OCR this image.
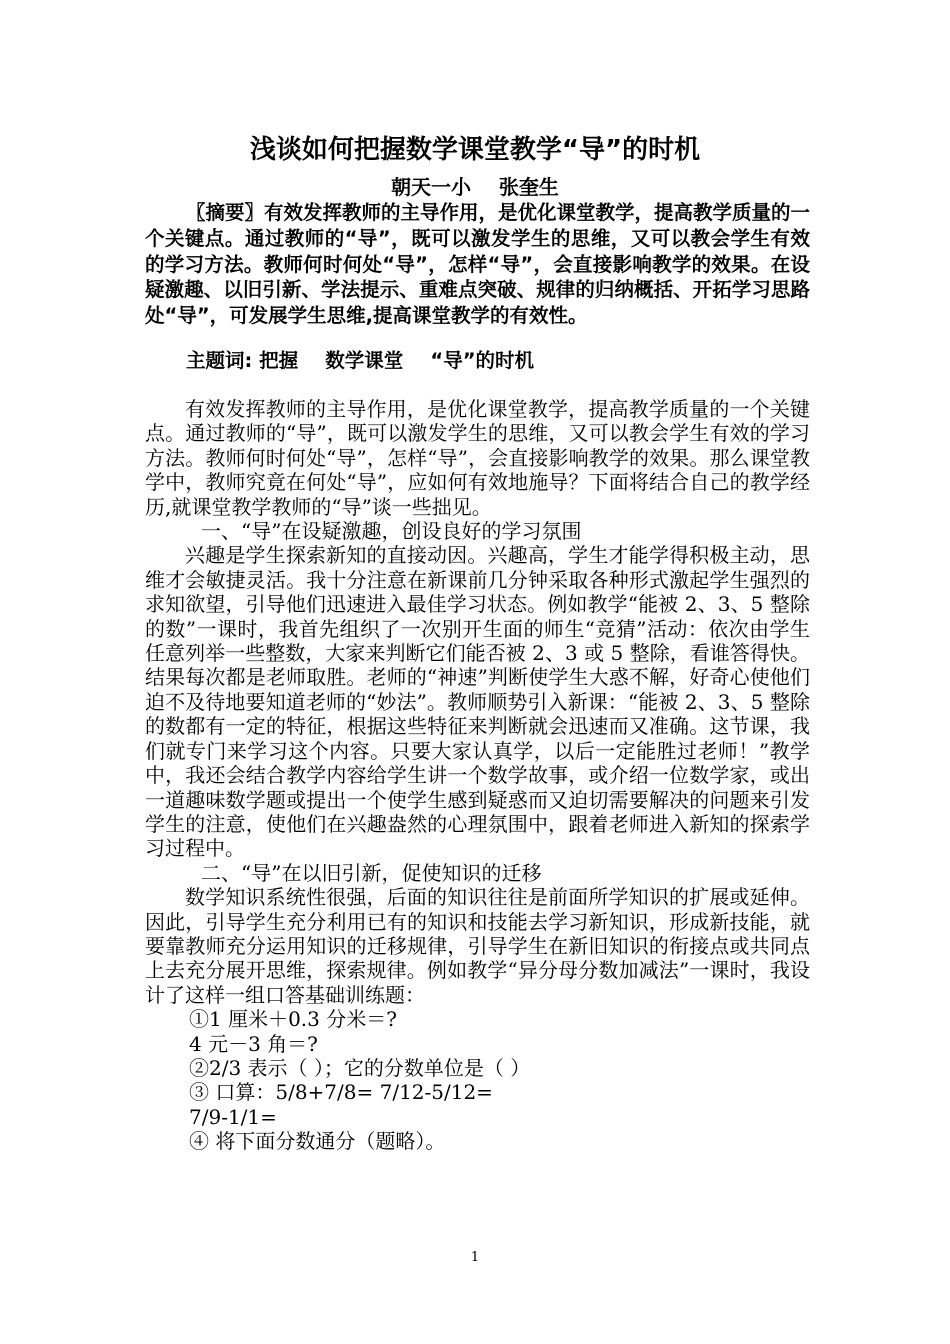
浅谈如何把握数学课堂教学“导”的时机
朝天一小    张奎生
〖摘要〗有效发挥教师的主导作用，是优化课堂教学，提高教学质量的一个关键点。通过教师的“导”，既可以激发学生的思维，又可以教会学生有效的学习方法。教师何时何处“导”，怎样“导”，会直接影响教学的效果。在设疑激趣、以旧引新、学法提示、重难点突破、规律的归纳概括、开拓学习思路处“导”，可发展学生思维,提高课堂教学的有效性。
主题词: 把握    数学课堂    “导”的时机

有效发挥教师的主导作用，是优化课堂教学，提高教学质量的一个关键点。通过教师的“导”，既可以激发学生的思维，又可以教会学生有效的学习方法。教师何时何处“导”，怎样“导”，会直接影响教学的效果。那么课堂教学中，教师究竟在何处“导”，应如何有效地施导？下面将结合自己的教学经历,就课堂教学教师的“导”谈一些拙见。

一、“导”在设疑激趣，创设良好的学习氛围

兴趣是学生探索新知的直接动因。兴趣高，学生才能学得积极主动，思维才会敏捷灵活。我十分注意在新课前几分钟采取各种形式激起学生强烈的求知欲望，引导他们迅速进入最佳学习状态。例如教学“能被 2、3、5 整除的数”一课时，我首先组织了一次别开生面的师生“竞猜”活动：依次由学生任意列举一些整数，大家来判断它们能否被 2、3 或 5 整除，看谁答得快。结果每次都是老师取胜。老师的“神速”判断使学生大惑不解，好奇心使他们迫不及待地要知道老师的“妙法”。教师顺势引入新课：“能被 2、3、5 整除的数都有一定的特征，根据这些特征来判断就会迅速而又准确。这节课，我们就专门来学习这个内容。只要大家认真学，以后一定能胜过老师！”教学中，我还会结合教学内容给学生讲一个数学故事，或介绍一位数学家，或出一道趣味数学题或提出一个使学生感到疑惑而又迫切需要解决的问题来引发学生的注意，使他们在兴趣盎然的心理氛围中，跟着老师进入新知的探索学习过程中。

二、“导”在以旧引新，促使知识的迁移

数学知识系统性很强，后面的知识往往是前面所学知识的扩展或延伸。因此，引导学生充分利用已有的知识和技能去学习新知识，形成新技能，就要靠教师充分运用知识的迁移规律，引导学生在新旧知识的衔接点或共同点上去充分展开思维，探索规律。例如教学“异分母分数加减法”一课时，我设计了这样一组口答基础训练题：

①1 厘米＋0.3 分米＝?

4 元－3 角＝?

②2/3 表示（ ）；它的分数单位是（ ）

③ 口算：5/8+7/8= 7/12-5/12=

7/9-1/1=

④ 将下面分数通分（题略）。

1
